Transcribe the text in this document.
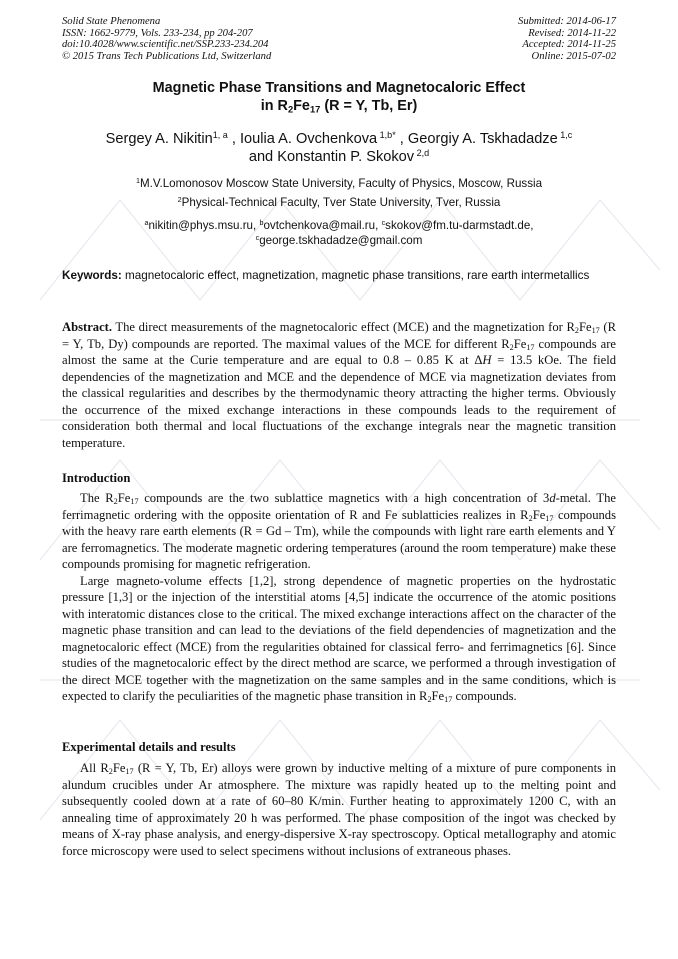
Solid State Phenomena
ISSN: 1662-9779, Vols. 233-234, pp 204-207
doi:10.4028/www.scientific.net/SSP.233-234.204
© 2015 Trans Tech Publications Ltd, Switzerland
Submitted: 2014-06-17
Revised: 2014-11-22
Accepted: 2014-11-25
Online: 2015-07-02
Magnetic Phase Transitions and Magnetocaloric Effect
in $R_2Fe_{17}$ (R = Y, Tb, Er)
Sergey A. Nikitin$^{1, a}$ , Ioulia A. Ovchenkova $^{1,b*}$ , Georgiy A. Tskhadadze $^{1,c}$
and Konstantin P. Skokov $^{2,d}$
$^1$M.V.Lomonosov Moscow State University, Faculty of Physics, Moscow, Russia
$^2$Physical-Technical Faculty, Tver State University, Tver, Russia
$^a$nikitin@phys.msu.ru, $^b$ovtchenkova@mail.ru, $^c$skokov@fm.tu-darmstadt.de,
$^c$george.tskhadadze@gmail.com
Keywords: magnetocaloric effect, magnetization, magnetic phase transitions, rare earth intermetallics

Abstract. The direct measurements of the magnetocaloric effect (MCE) and the magnetization for $R_2Fe_{17}$ (R = Y, Tb, Dy) compounds are reported. The maximal values of the MCE for different $R_2Fe_{17}$ compounds are almost the same at the Curie temperature and are equal to 0.8 – 0.85 K at ΔH = 13.5 kOe. The field dependencies of the magnetization and MCE and the dependence of MCE via magnetization deviates from the classical regularities and describes by the thermodynamic theory attracting the higher terms. Obviously the occurrence of the mixed exchange interactions in these compounds leads to the requirement of consideration both thermal and local fluctuations of the exchange integrals near the magnetic transition temperature.

Introduction

The $R_2Fe_{17}$ compounds are the two sublattice magnetics with a high concentration of 3d-metal. The ferrimagnetic ordering with the opposite orientation of R and Fe sublatticies realizes in $R_2Fe_{17}$ compounds with the heavy rare earth elements (R = Gd – Tm), while the compounds with light rare earth elements and Y are ferromagnetics. The moderate magnetic ordering temperatures (around the room temperature) make these compounds promising for magnetic refrigeration.

Large magneto-volume effects [1,2], strong dependence of magnetic properties on the hydrostatic pressure [1,3] or the injection of the interstitial atoms [4,5] indicate the occurrence of the atomic positions with interatomic distances close to the critical. The mixed exchange interactions affect on the character of the magnetic phase transition and can lead to the deviations of the field dependencies of magnetization and the magnetocaloric effect (MCE) from the regularities obtained for classical ferro- and ferrimagnetics [6]. Since studies of the magnetocaloric effect by the direct method are scarce, we performed a through investigation of the direct MCE together with the magnetization on the same samples and in the same conditions, which is expected to clarify the peculiarities of the magnetic phase transition in $R_2Fe_{17}$ compounds.

Experimental details and results

All $R_2Fe_{17}$ (R = Y, Tb, Er) alloys were grown by inductive melting of a mixture of pure components in alundum crucibles under Ar atmosphere. The mixture was rapidly heated up to the melting point and subsequently cooled down at a rate of 60–80 K/min. Further heating to approximately 1200 C, with an annealing time of approximately 20 h was performed. The phase composition of the ingot was checked by means of X-ray phase analysis, and energy-dispersive X-ray spectroscopy. Optical metallography and atomic force microscopy were used to select specimens without inclusions of extraneous phases.
